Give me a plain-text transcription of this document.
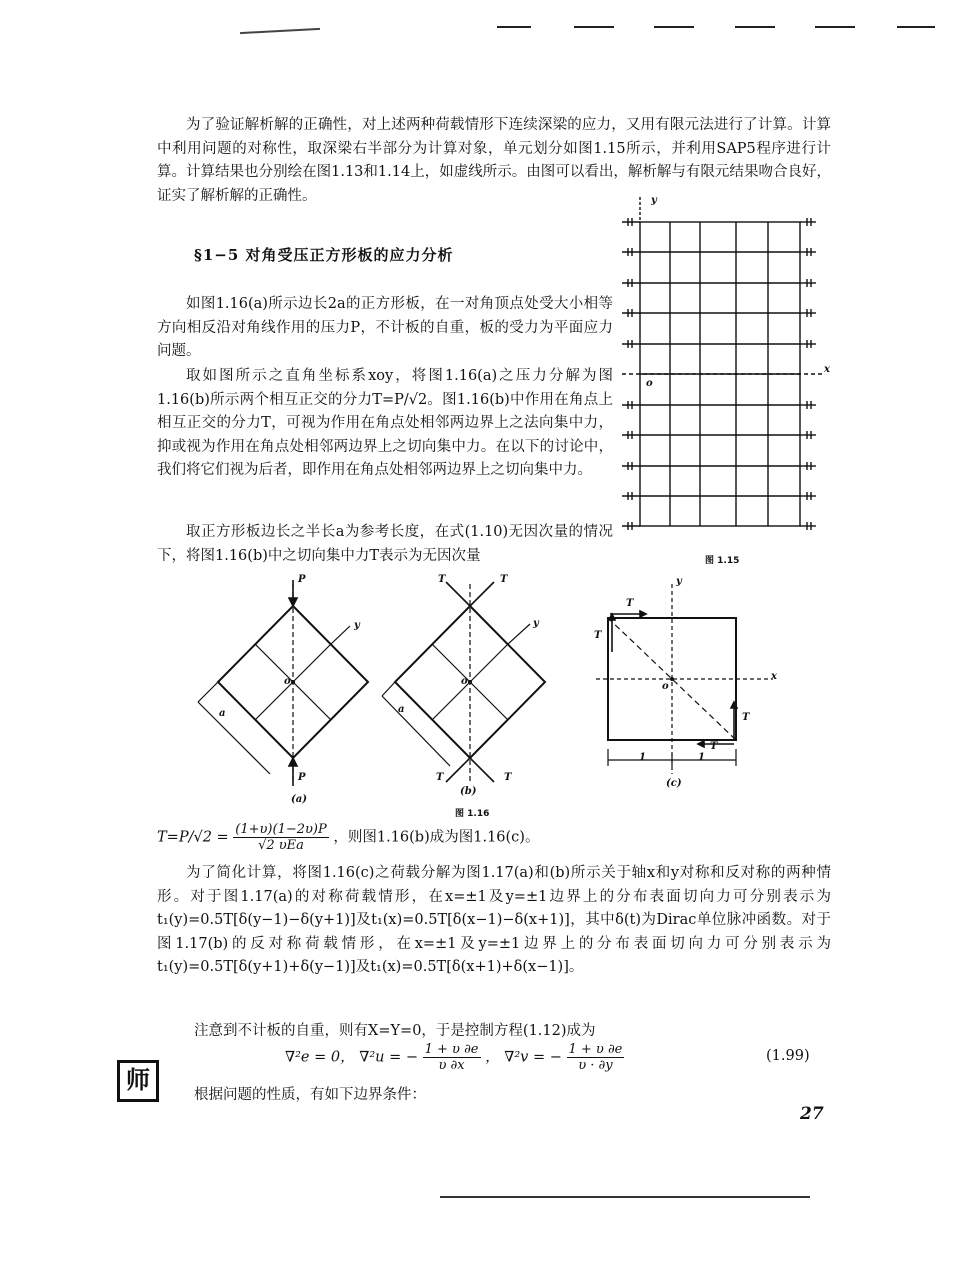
为了验证解析解的正确性，对上述两种荷载情形下连续深梁的应力，又用有限元法进行了计算。计算中利用问题的对称性，取深梁右半部分为计算对象，单元划分如图1.15所示，并利用SAP5程序进行计算。计算结果也分别绘在图1.13和1.14上，如虚线所示。由图可以看出，解析解与有限元结果吻合良好，证实了解析解的正确性。
§1−5 对角受压正方形板的应力分析
如图1.16(a)所示边长2a的正方形板，在一对角顶点处受大小相等方向相反沿对角线作用的压力P，不计板的自重，板的受力为平面应力问题。
取如图所示之直角坐标系xoy，将图1.16(a)之压力分解为图1.16(b)所示两个相互正交的分力T=P/√2。图1.16(b)中作用在角点上相互正交的分力T，可视为作用在角点处相邻两边界上之法向集中力，抑或视为作用在角点处相邻两边界上之切向集中力。在以下的讨论中，我们将它们视为后者，即作用在角点处相邻两边界上之切向集中力。
取正方形板边长之半长a为参考长度，在式(1.10)无因次量的情况下，将图1.16(b)中之切向集中力T表示为无因次量
y
x
o
图 1.15
P
P
o
y
a
(a)
T	T
T	T
o
y
a
(b)
T
T
T
T
y
x
o
1	1
(c)
图 1.16
$T=P/√2 = \frac{(1+\upsilon)(1-2\upsilon)P}{\text{√2 υEa}}$ ，则图1.16(b)成为图1.16(c)。
为了简化计算，将图1.16(c)之荷载分解为图1.17(a)和(b)所示关于轴x和y对称和反对称的两种情形。对于图1.17(a)的对称荷载情形，在x=±1及y=±1边界上的分布表面切向力可分别表示为t₁(y)=0.5T[δ(y−1)−δ(y+1)]及t₁(x)=0.5T[δ(x−1)−δ(x+1)]，其中δ(t)为Dirac单位脉冲函数。对于图1.17(b)的反对称荷载情形，在x=±1及y=±1边界上的分布表面切向力可分别表示为t₁(y)=0.5T[δ(y+1)+δ(y−1)]及t₁(x)=0.5T[δ(x+1)+δ(x−1)]。
注意到不计板的自重，则有X=Y=0，于是控制方程(1.12)成为
∇²e = 0， ∇²u = − $\frac{1 + \upsilon \partial e}{\upsilon \partial x}$ ， ∇²v = − $\frac{1 + \upsilon \partial e}{\upsilon \cdot \partial y}$	(1.99)
师
根据问题的性质，有如下边界条件：
27
